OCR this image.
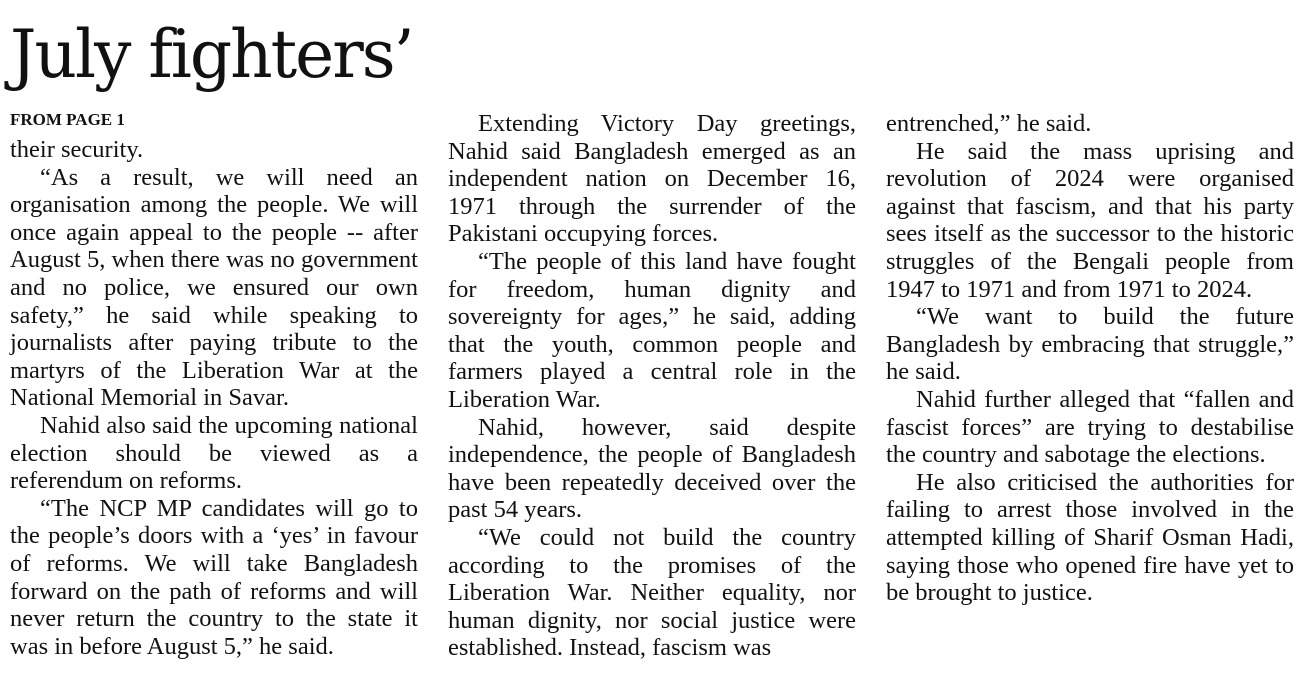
July fighters’
FROM PAGE 1

their security.

“As a result, we will need an organisation among the people. We will once again appeal to the people -- after August 5, when there was no government and no police, we ensured our own safety,” he said while speaking to journalists after paying tribute to the martyrs of the Liberation War at the National Memorial in Savar.

Nahid also said the upcoming national election should be viewed as a referendum on reforms.

“The NCP MP candidates will go to the people’s doors with a ‘yes’ in favour of reforms. We will take Bangladesh forward on the path of reforms and will never return the country to the state it was in before August 5,” he said.

Extending Victory Day greetings, Nahid said Bangladesh emerged as an independent nation on December 16, 1971 through the surrender of the Pakistani occupying forces.

“The people of this land have fought for freedom, human dignity and sovereignty for ages,” he said, adding that the youth, common people and farmers played a central role in the Liberation War.

Nahid, however, said despite independence, the people of Bangladesh have been repeatedly deceived over the past 54 years.

“We could not build the country according to the promises of the Liberation War. Neither equality, nor human dignity, nor social justice were established. Instead, fascism was

entrenched,” he said.

He said the mass uprising and revolution of 2024 were organised against that fascism, and that his party sees itself as the successor to the historic struggles of the Bengali people from 1947 to 1971 and from 1971 to 2024.

“We want to build the future Bangladesh by embracing that struggle,” he said.

Nahid further alleged that “fallen and fascist forces” are trying to destabilise the country and sabotage the elections.

He also criticised the authorities for failing to arrest those involved in the attempted killing of Sharif Osman Hadi, saying those who opened fire have yet to be brought to justice.
